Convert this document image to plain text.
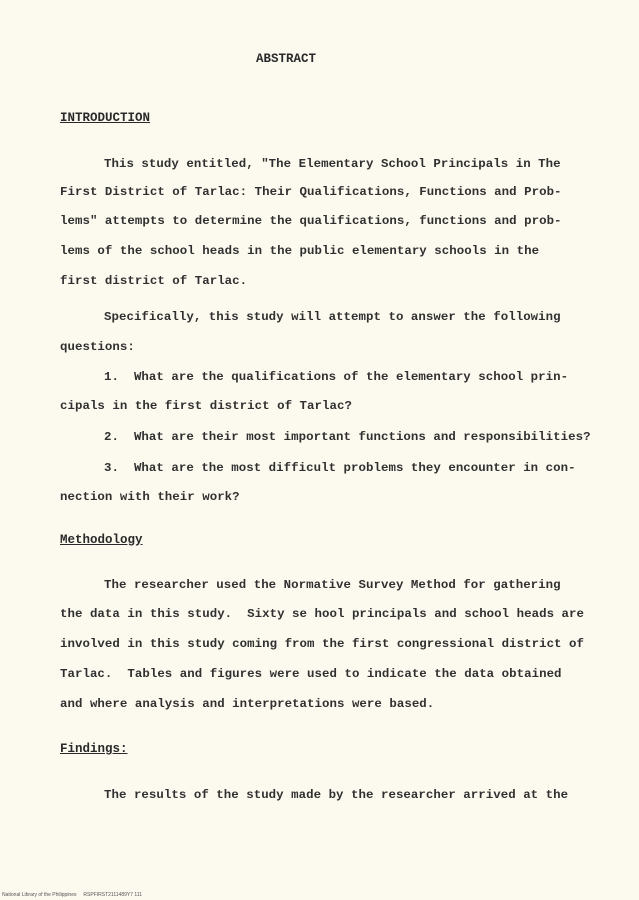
ABSTRACT
INTRODUCTION
This study entitled, "The Elementary School Principals in The
First District of Tarlac: Their Qualifications, Functions and Prob-
lems" attempts to determine the qualifications, functions and prob-
lems of the school heads in the public elementary schools in the
first district of Tarlac.
Specifically, this study will attempt to answer the following
questions:
1.  What are the qualifications of the elementary school prin-
cipals in the first district of Tarlac?
2.  What are their most important functions and responsibilities?
3.  What are the most difficult problems they encounter in con-
nection with their work?
Methodology
The researcher used the Normative Survey Method for gathering
the data in this study.  Sixty se hool principals and school heads are
involved in this study coming from the first congressional district of
Tarlac.  Tables and figures were used to indicate the data obtained
and where analysis and interpretations were based.
Findings:
The results of the study made by the researcher arrived at the
National Library of the Philippines     RSPFIRST2111489Y7 111
